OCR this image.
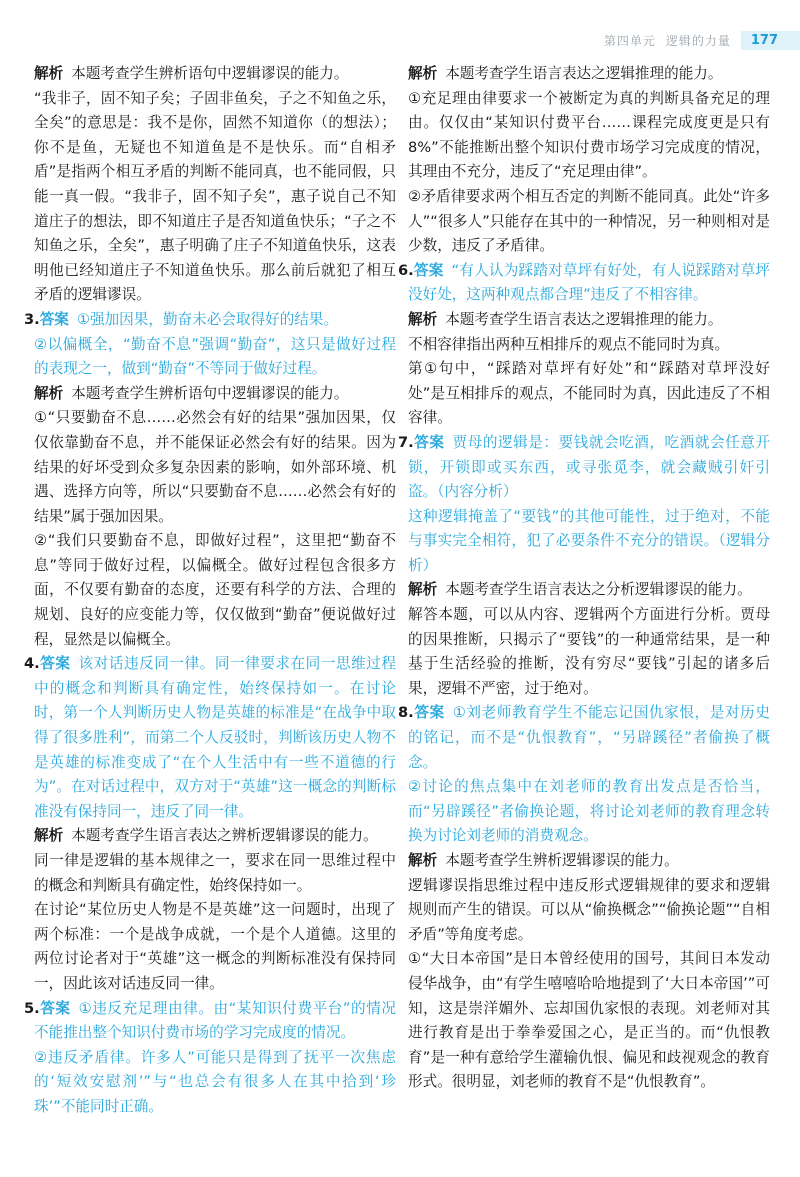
第四单元 逻辑的力量	177

解析 本题考查学生辨析语句中逻辑谬误的能力。

“我非子，固不知子矣；子固非鱼矣，子之不知鱼之乐，全矣”的意思是：我不是你，固然不知道你（的想法）；你不是鱼，无疑也不知道鱼是不是快乐。而“自相矛盾”是指两个相互矛盾的判断不能同真，也不能同假，只能一真一假。“我非子，固不知子矣”，惠子说自己不知道庄子的想法，即不知道庄子是否知道鱼快乐；“子之不知鱼之乐，全矣”，惠子明确了庄子不知道鱼快乐，这表明他已经知道庄子不知道鱼快乐。那么前后就犯了相互矛盾的逻辑谬误。

3.答案 ①强加因果，勤奋未必会取得好的结果。

②以偏概全，“勤奋不息”强调“勤奋”，这只是做好过程的表现之一，做到“勤奋”不等同于做好过程。

解析 本题考查学生辨析语句中逻辑谬误的能力。

①“只要勤奋不息……必然会有好的结果”强加因果，仅仅依靠勤奋不息，并不能保证必然会有好的结果。因为结果的好坏受到众多复杂因素的影响，如外部环境、机遇、选择方向等，所以“只要勤奋不息……必然会有好的结果”属于强加因果。

②“我们只要勤奋不息，即做好过程”，这里把“勤奋不息”等同于做好过程，以偏概全。做好过程包含很多方面，不仅要有勤奋的态度，还要有科学的方法、合理的规划、良好的应变能力等，仅仅做到“勤奋”便说做好过程，显然是以偏概全。

4.答案 该对话违反同一律。同一律要求在同一思维过程中的概念和判断具有确定性，始终保持如一。在讨论时，第一个人判断历史人物是英雄的标准是“在战争中取得了很多胜利”，而第二个人反驳时，判断该历史人物不是英雄的标准变成了“在个人生活中有一些不道德的行为”。在对话过程中，双方对于“英雄”这一概念的判断标准没有保持同一，违反了同一律。

解析 本题考查学生语言表达之辨析逻辑谬误的能力。

同一律是逻辑的基本规律之一，要求在同一思维过程中的概念和判断具有确定性，始终保持如一。

在讨论“某位历史人物是不是英雄”这一问题时，出现了两个标准：一个是战争成就，一个是个人道德。这里的两位讨论者对于“英雄”这一概念的判断标准没有保持同一，因此该对话违反同一律。

5.答案 ①违反充足理由律。由“某知识付费平台”的情况不能推出整个知识付费市场的学习完成度的情况。

②违反矛盾律。许多人”可能只是得到了抚平一次焦虑的‘短效安慰剂’”与“也总会有很多人在其中拾到‘珍珠’”不能同时正确。

解析 本题考查学生语言表达之逻辑推理的能力。

①充足理由律要求一个被断定为真的判断具备充足的理由。仅仅由“某知识付费平台……课程完成度更是只有8%”不能推断出整个知识付费市场学习完成度的情况，其理由不充分，违反了“充足理由律”。

②矛盾律要求两个相互否定的判断不能同真。此处“许多人”“很多人”只能存在其中的一种情况，另一种则相对是少数，违反了矛盾律。

6.答案 “有人认为踩踏对草坪有好处，有人说踩踏对草坪没好处，这两种观点都合理”违反了不相容律。

解析 本题考查学生语言表达之逻辑推理的能力。

不相容律指出两种互相排斥的观点不能同时为真。

第①句中，“踩踏对草坪有好处”和“踩踏对草坪没好处”是互相排斥的观点，不能同时为真，因此违反了不相容律。

7.答案 贾母的逻辑是：要钱就会吃酒，吃酒就会任意开锁，开锁即或买东西，或寻张觅李，就会藏贼引奸引盗。（内容分析）

这种逻辑掩盖了“要钱”的其他可能性，过于绝对，不能与事实完全相符，犯了必要条件不充分的错误。（逻辑分析）

解析 本题考查学生语言表达之分析逻辑谬误的能力。

解答本题，可以从内容、逻辑两个方面进行分析。贾母的因果推断，只揭示了“要钱”的一种通常结果，是一种基于生活经验的推断，没有穷尽“要钱”引起的诸多后果，逻辑不严密，过于绝对。

8.答案 ①刘老师教育学生不能忘记国仇家恨，是对历史的铭记，而不是“仇恨教育”，“另辟蹊径”者偷换了概念。

②讨论的焦点集中在刘老师的教育出发点是否恰当，而“另辟蹊径”者偷换论题，将讨论刘老师的教育理念转换为讨论刘老师的消费观念。

解析 本题考查学生辨析逻辑谬误的能力。

逻辑谬误指思维过程中违反形式逻辑规律的要求和逻辑规则而产生的错误。可以从“偷换概念”“偷换论题”“自相矛盾”等角度考虑。

①“大日本帝国”是日本曾经使用的国号，其间日本发动侵华战争，由“有学生嘻嘻哈哈地提到了‘大日本帝国’”可知，这是崇洋媚外、忘却国仇家恨的表现。刘老师对其进行教育是出于拳拳爱国之心，是正当的。而“仇恨教育”是一种有意给学生灌输仇恨、偏见和歧视观念的教育形式。很明显，刘老师的教育不是“仇恨教育”。
